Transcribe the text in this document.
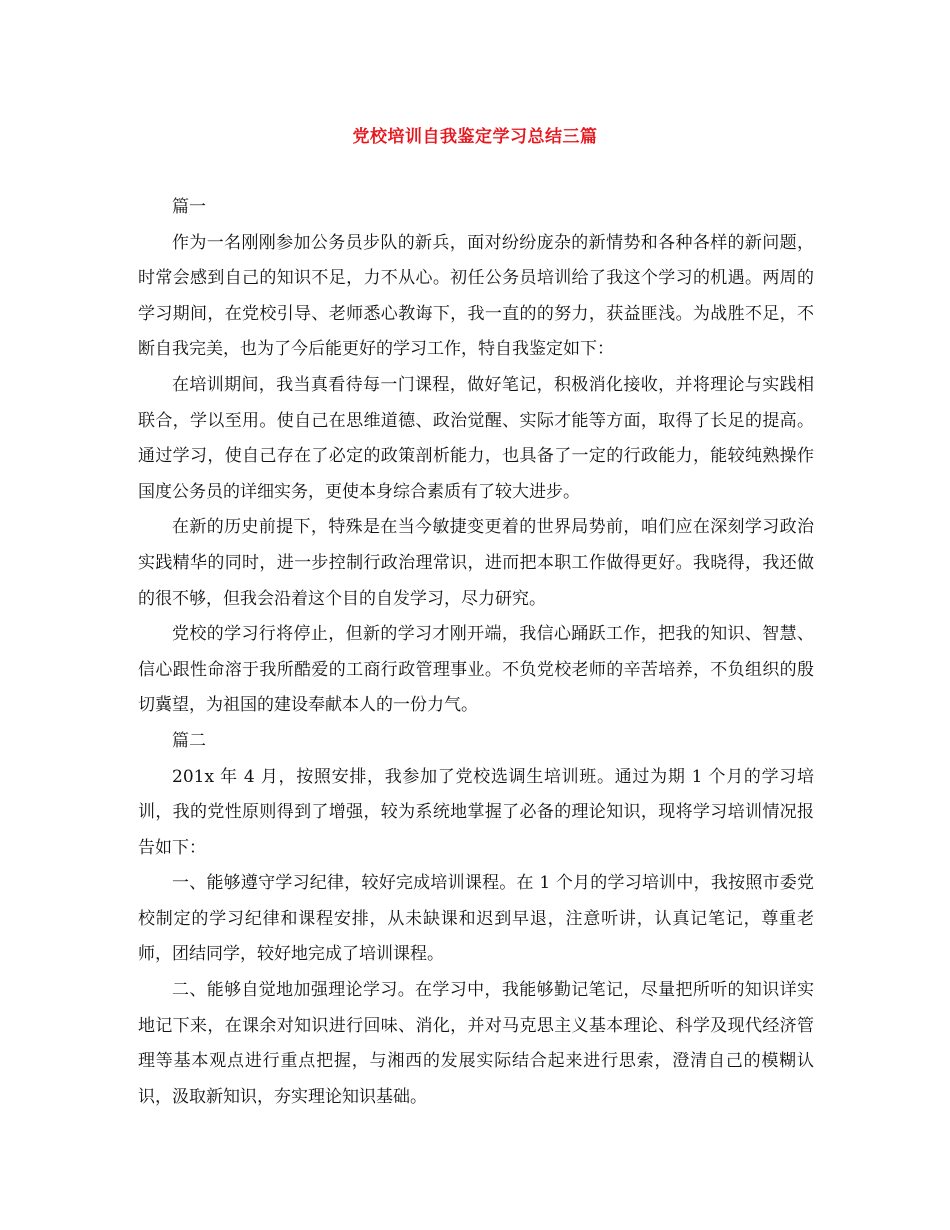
党校培训自我鉴定学习总结三篇

篇一

作为一名刚刚参加公务员步队的新兵，面对纷纷庞杂的新情势和各种各样的新问题，时常会感到自己的知识不足，力不从心。初任公务员培训给了我这个学习的机遇。两周的学习期间，在党校引导、老师悉心教诲下，我一直的的努力，获益匪浅。为战胜不足，不断自我完美，也为了今后能更好的学习工作，特自我鉴定如下：

在培训期间，我当真看待每一门课程，做好笔记，积极消化接收，并将理论与实践相联合，学以至用。使自己在思维道德、政治觉醒、实际才能等方面，取得了长足的提高。通过学习，使自己存在了必定的政策剖析能力，也具备了一定的行政能力，能较纯熟操作国度公务员的详细实务，更使本身综合素质有了较大进步。

在新的历史前提下，特殊是在当今敏捷变更着的世界局势前，咱们应在深刻学习政治实践精华的同时，进一步控制行政治理常识，进而把本职工作做得更好。我晓得，我还做的很不够，但我会沿着这个目的自发学习，尽力研究。

党校的学习行将停止，但新的学习才刚开端，我信心踊跃工作，把我的知识、智慧、信心跟性命溶于我所酷爱的工商行政管理事业。不负党校老师的辛苦培养，不负组织的殷切冀望，为祖国的建设奉献本人的一份力气。

篇二

201x 年 4 月，按照安排，我参加了党校选调生培训班。通过为期 1 个月的学习培训，我的党性原则得到了增强，较为系统地掌握了必备的理论知识，现将学习培训情况报告如下：

一、能够遵守学习纪律，较好完成培训课程。在 1 个月的学习培训中，我按照市委党校制定的学习纪律和课程安排，从未缺课和迟到早退，注意听讲，认真记笔记，尊重老师，团结同学，较好地完成了培训课程。

二、能够自觉地加强理论学习。在学习中，我能够勤记笔记，尽量把所听的知识详实地记下来，在课余对知识进行回味、消化，并对马克思主义基本理论、科学及现代经济管理等基本观点进行重点把握，与湘西的发展实际结合起来进行思索，澄清自己的模糊认识，汲取新知识，夯实理论知识基础。
